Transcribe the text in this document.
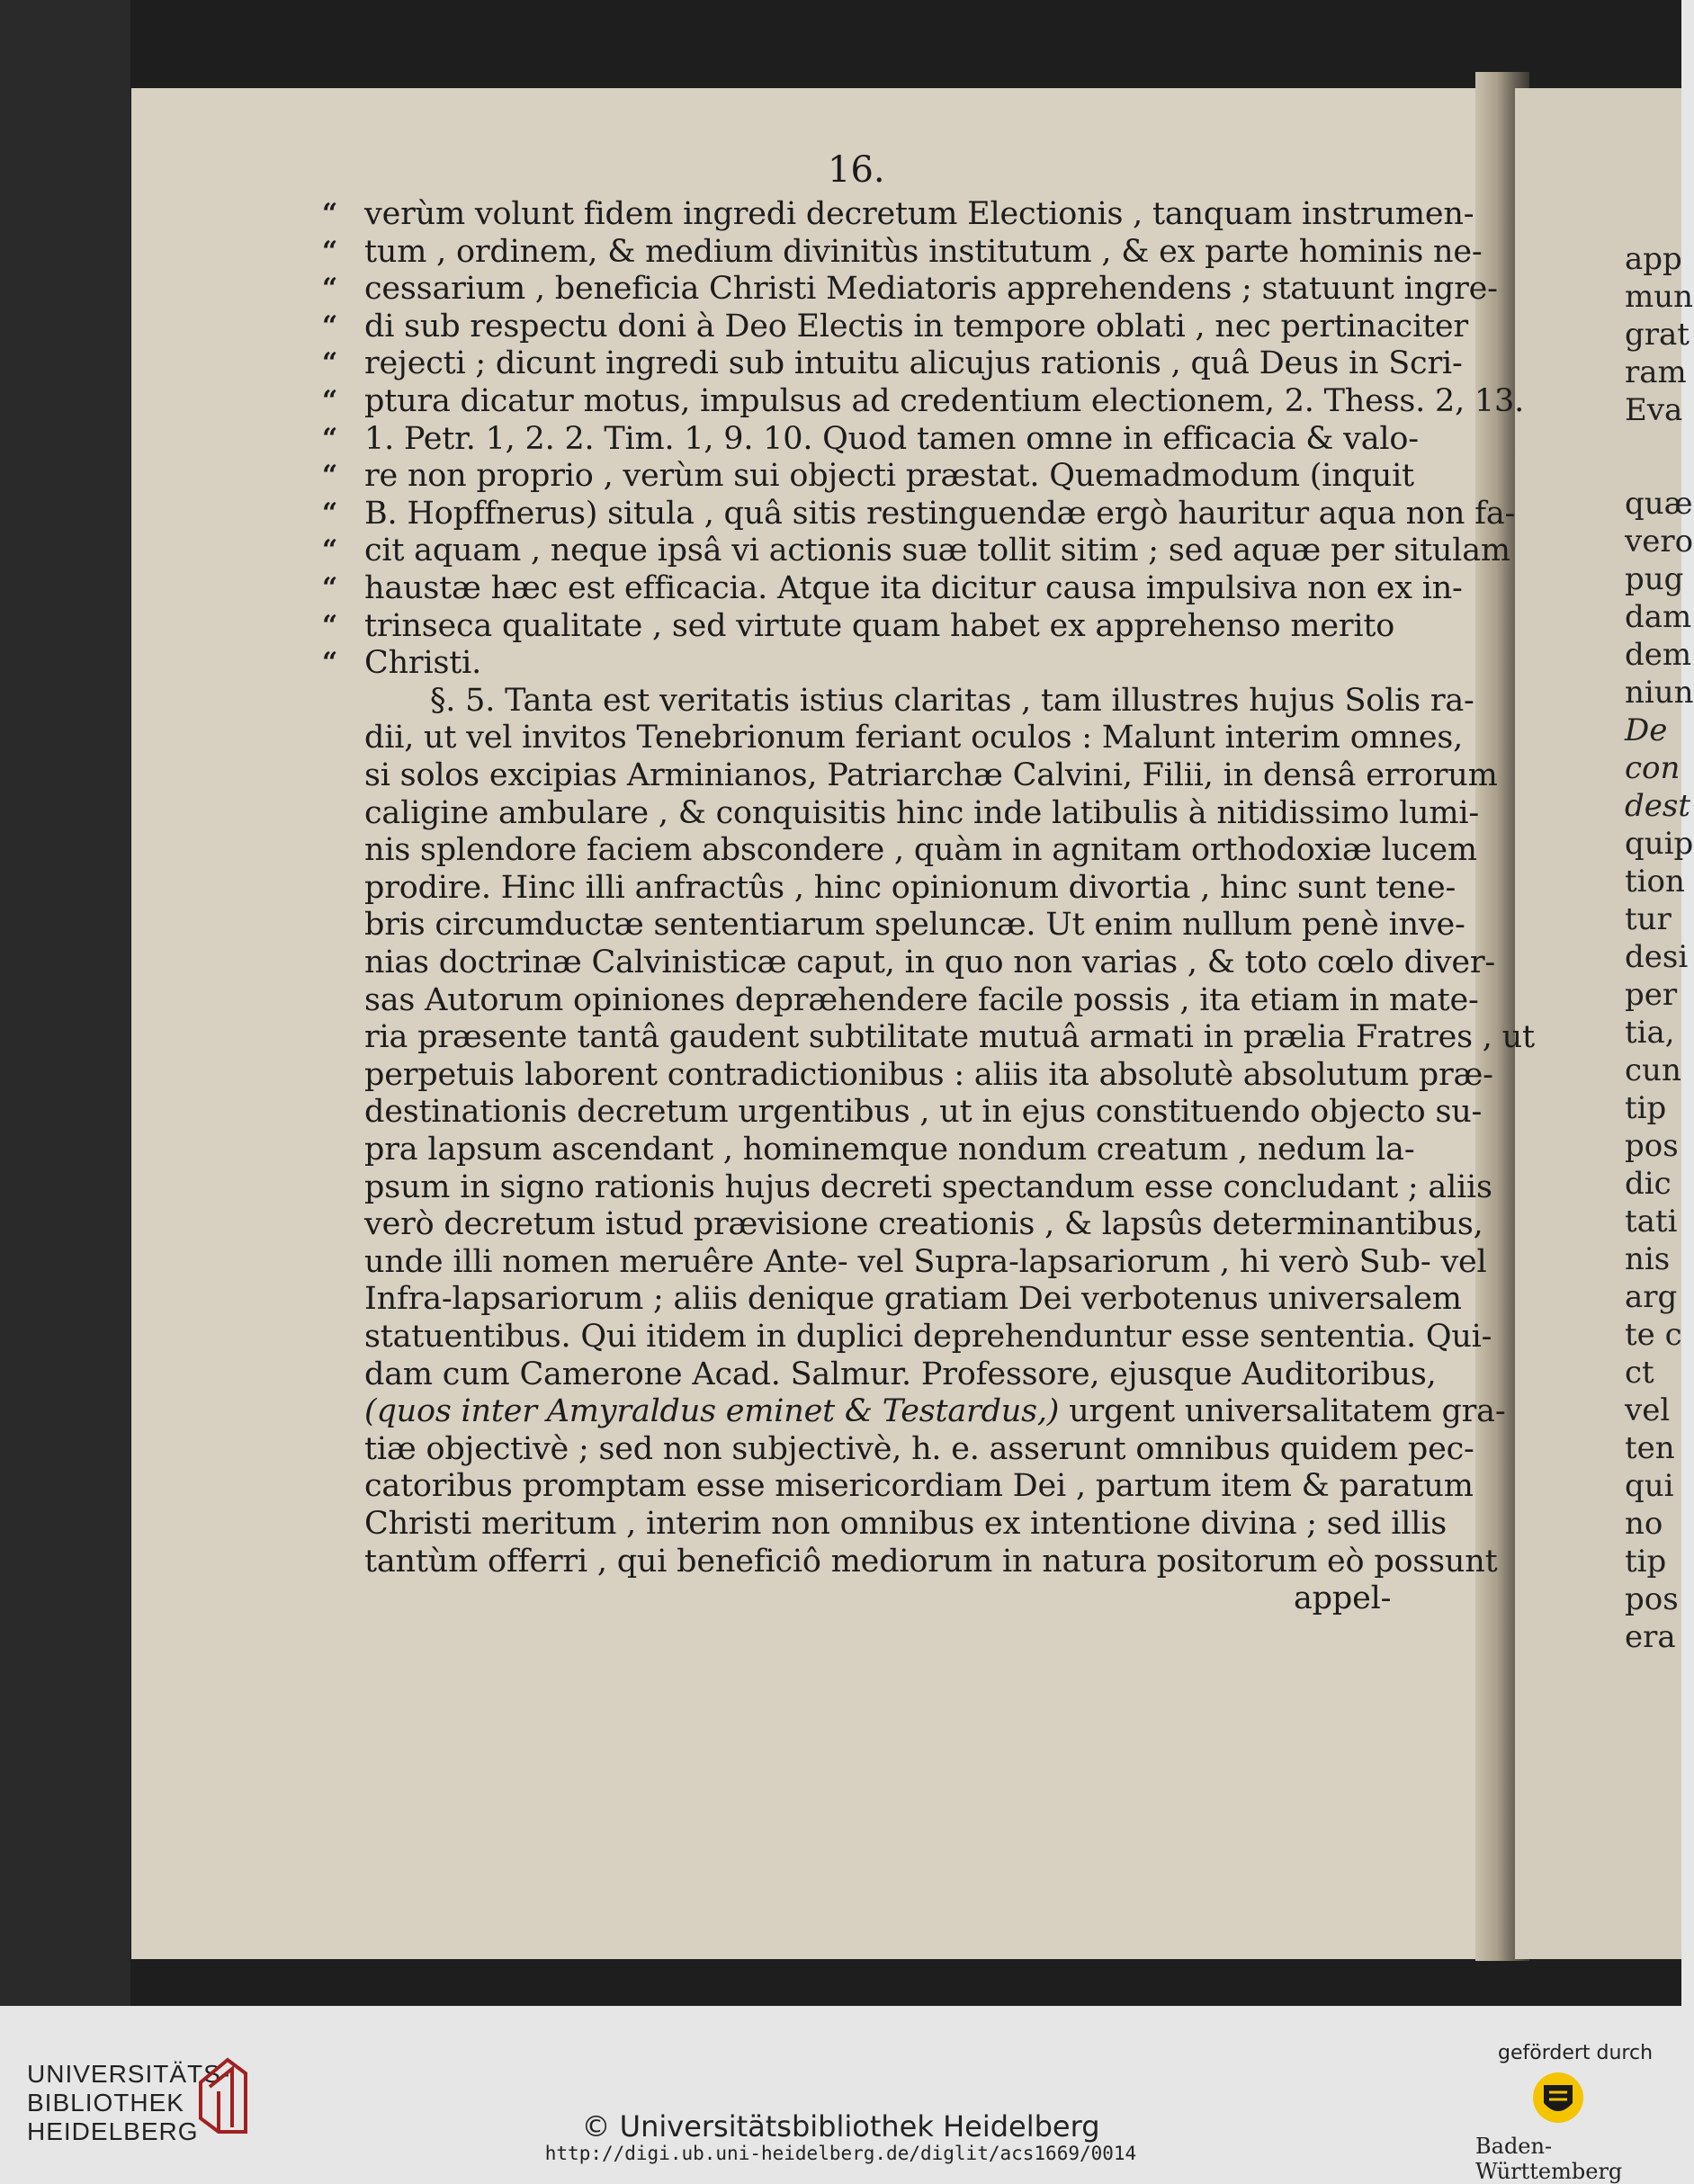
16.
verùm volunt fidem ingredi decretum Electionis , tanquam instrumen-
tum , ordinem, & medium divinitùs institutum , & ex parte hominis ne-
cessarium , beneficia Christi Mediatoris apprehendens ; statuunt ingre-
di sub respectu doni à Deo Electis in tempore oblati , nec pertinaciter
rejecti ; dicunt ingredi sub intuitu alicujus rationis , quâ Deus in Scri-
ptura dicatur motus, impulsus ad credentium electionem, 2. Thess. 2, 13.
1. Petr. 1, 2. 2. Tim. 1, 9. 10. Quod tamen omne in efficacia & valo-
re non proprio , verùm sui objecti præstat. Quemadmodum (inquit
B. Hopffnerus) situla , quâ sitis restinguendæ ergò hauritur aqua non fa-
cit aquam , neque ipsâ vi actionis suæ tollit sitim ; sed aquæ per situlam
haustæ hæc est efficacia. Atque ita dicitur causa impulsiva non ex in-
trinseca qualitate , sed virtute quam habet ex apprehenso merito
Christi.
§. 5. Tanta est veritatis istius claritas , tam illustres hujus Solis ra-
dii, ut vel invitos Tenebrionum feriant oculos : Malunt interim omnes,
si solos excipias Arminianos, Patriarchæ Calvini, Filii, in densâ errorum
caligine ambulare , & conquisitis hinc inde latibulis à nitidissimo lumi-
nis splendore faciem abscondere , quàm in agnitam orthodoxiæ lucem
prodire. Hinc illi anfractûs , hinc opinionum divortia , hinc sunt tene-
bris circumductæ sententiarum speluncæ. Ut enim nullum penè inve-
nias doctrinæ Calvinisticæ caput, in quo non varias , & toto cœlo diver-
sas Autorum opiniones depræhendere facile possis , ita etiam in mate-
ria præsente tantâ gaudent subtilitate mutuâ armati in prælia Fratres , ut
perpetuis laborent contradictionibus : aliis ita absolutè absolutum præ-
destinationis decretum urgentibus , ut in ejus constituendo objecto su-
pra lapsum ascendant , hominemque nondum creatum , nedum la-
psum in signo rationis hujus decreti spectandum esse concludant ; aliis
verò decretum istud prævisione creationis , & lapsûs determinantibus,
unde illi nomen meruêre Ante- vel Supra-lapsariorum , hi verò Sub- vel
Infra-lapsariorum ; aliis denique gratiam Dei verbotenus universalem
statuentibus. Qui itidem in duplici deprehenduntur esse sententia. Qui-
dam cum Camerone Acad. Salmur. Professore, ejusque Auditoribus,
(quos inter Amyraldus eminet & Testardus,) urgent universalitatem gra-
tiæ objectivè ; sed non subjectivè, h. e. asserunt omnibus quidem pec-
catoribus promptam esse misericordiam Dei , partum item & paratum
Christi meritum , interim non omnibus ex intentione divina ; sed illis
tantùm offerri , qui beneficiô mediorum in natura positorum eò possunt
appel-
“
“
“
“
“
“
“
“
“
“
“
“
“
app
mun
grat
ram
Eva
quæ
vero
pug
dam
dem
niun
De
con
dest
quip
tion
tur
desi
per
tia,
cun
tip
pos
dic
tati
nis
arg
te c
ct
vel
ten
qui
no
tip
pos
era
UNIVERSITÄTS-
BIBLIOTHEK
HEIDELBERG	© Universitätsbibliothek Heidelberg
http://digi.ub.uni-heidelberg.de/diglit/acs1669/0014
gefördert durch
Baden-Württemberg
